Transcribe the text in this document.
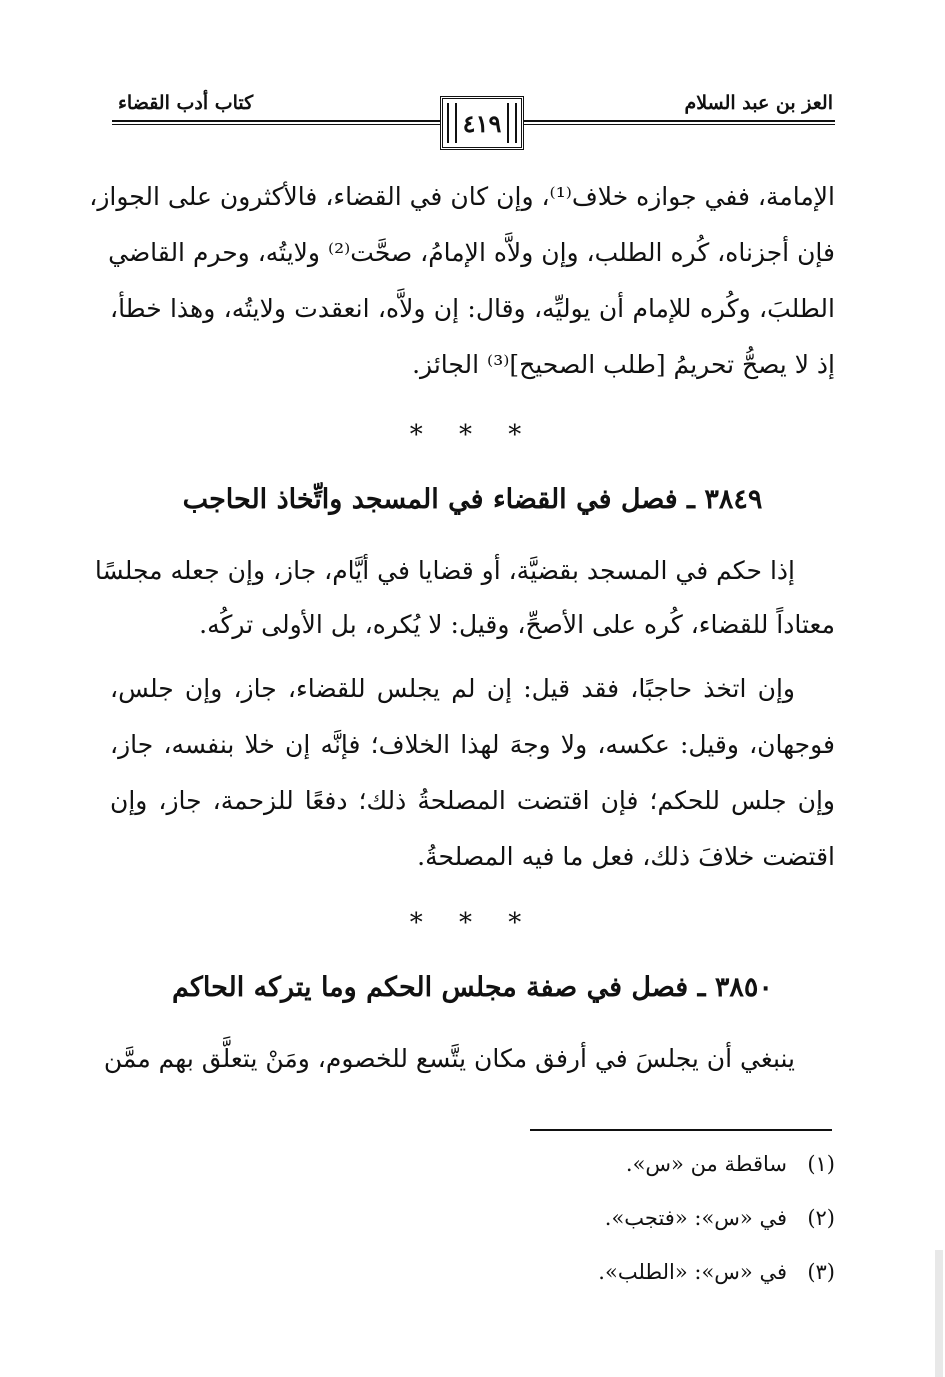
العز بن عبد السلام
كتاب أدب القضاء
٤١٩
الإمامة، ففي جوازه خلاف⁽¹⁾، وإن كان في القضاء، فالأكثرون على الجواز،
فإن أجزناه، كُره الطلب، وإن ولاَّه الإمامُ، صحَّت⁽²⁾ ولايتُه، وحرم القاضي
الطلبَ، وكُره للإمام أن يوليِّه، وقال: إن ولاَّه، انعقدت ولايتُه، وهذا خطأ،
إذ لا يصحُّ تحريمُ [طلب الصحيح]⁽³⁾ الجائز.
* * *
٣٨٤٩ ـ فصل في القضاء في المسجد واتِّخاذ الحاجب
إذا حكم في المسجد بقضيَّة، أو قضايا في أيَّام، جاز، وإن جعله مجلسًا
معتاداً للقضاء، كُره على الأصحِّ، وقيل: لا يُكره، بل الأولى تركُه.
وإن اتخذ حاجبًا، فقد قيل: إن لم يجلس للقضاء، جاز، وإن جلس،
فوجهان، وقيل: عكسه، ولا وجهَ لهذا الخلاف؛ فإنَّه إن خلا بنفسه، جاز،
وإن جلس للحكم؛ فإن اقتضت المصلحةُ ذلك؛ دفعًا للزحمة، جاز، وإن
اقتضت خلافَ ذلك، فعل ما فيه المصلحةُ.
* * *
٣٨٥٠ ـ فصل في صفة مجلس الحكم وما يتركه الحاكم
ينبغي أن يجلسَ في أرفق مكان يتَّسع للخصوم، ومَنْ يتعلَّق بهم ممَّن
(١)ساقطة من «س».
(٢)في «س»: «فتجب».
(٣)في «س»: «الطلب».
